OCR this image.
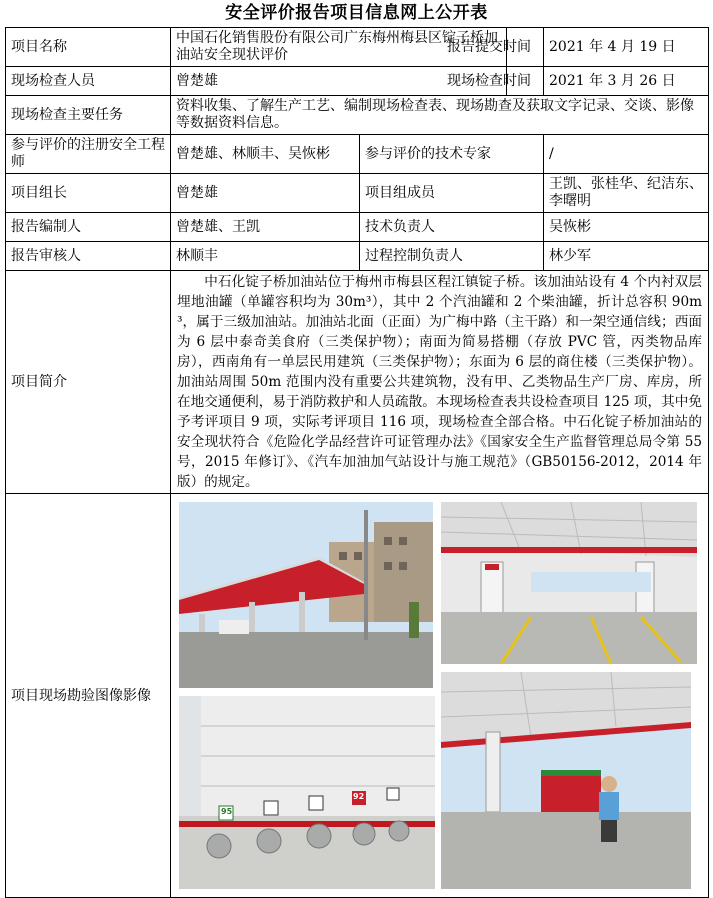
安全评价报告项目信息网上公开表
项目名称	中国石化销售股份有限公司广东梅州梅县区锭子桥加油站安全现状评价		报告提交时间	2021 年 4 月 19 日
现场检查人员	曾楚雄		现场检查时间	2021 年 3 月 26 日
现场检查主要任务	资料收集、了解生产工艺、编制现场检查表、现场勘查及获取文字记录、交谈、影像等数据资料信息。			
参与评价的注册安全工程师	曾楚雄、林顺丰、吴恢彬	参与评价的技术专家		/
项目组长	曾楚雄	项目组成员		王凯、张桂华、纪洁东、李曙明
报告编制人	曾楚雄、王凯	技术负责人		吴恢彬
报告审核人	林顺丰	过程控制负责人		林少军
项目简介	中石化锭子桥加油站位于梅州市梅县区程江镇锭子桥。该加油站设有 4 个内衬双层埋地油罐（单罐容积均为 30m³），其中 2 个汽油罐和 2 个柴油罐，折计总容积 90m³，属于三级加油站。加油站北面（正面）为广梅中路（主干路）和一架空通信线；西面为 6 层中泰奇美食府（三类保护物）；南面为简易搭棚（存放 PVC 管，丙类物品库房），西南角有一单层民用建筑（三类保护物）；东面为 6 层的商住楼（三类保护物）。加油站周围 50m 范围内没有重要公共建筑物，没有甲、乙类物品生产厂房、库房，所在地交通便利，易于消防救护和人员疏散。本现场检查表共设检查项目 125 项，其中免予考评项目 9 项，实际考评项目 116 项，现场检查全部合格。中石化锭子桥加油站的安全现状符合《危险化学品经营许可证管理办法》《国家安全生产监督管理总局令第 55 号，2015 年修订》、《汽车加油加气站设计与施工规范》（GB50156-2012，2014 年版）的规定。			
项目现场勘验图像影像	95
92			
